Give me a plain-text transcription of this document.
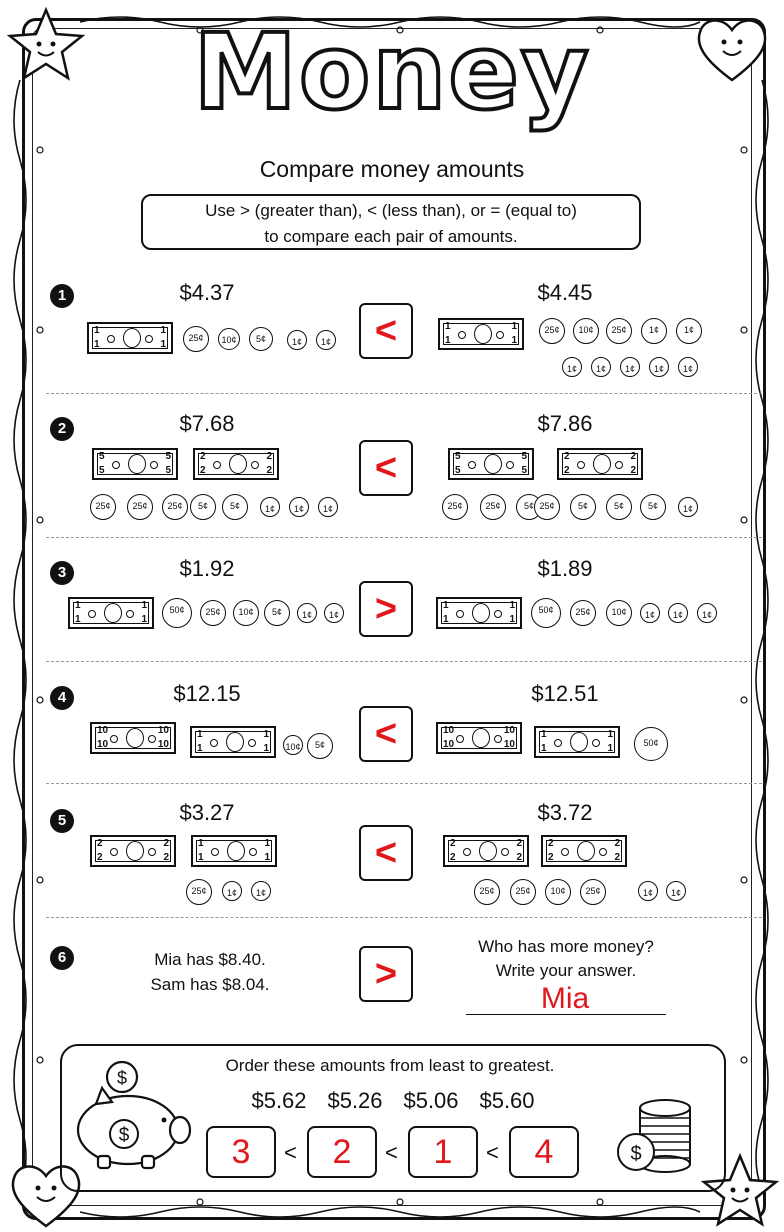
Money
Compare money amounts
Use > (greater than), < (less than), or = (equal to)
to compare each pair of amounts.
1	$4.37	$4.45
<
1	1
1	1
25¢	10¢	5¢	1¢	1¢
1	1
1	1
25¢	10¢	25¢	1¢	1¢
1¢	1¢	1¢	1¢	1¢
2	$7.68	$7.86
<
5	5
5	5
2	2
2	2
25¢	25¢	25¢	5¢	5¢	1¢	1¢	1¢
5	5
5	5
2	2
2	2
25¢	25¢	5¢ 25¢	5¢	5¢	5¢	1¢
3	$1.92	$1.89
>
1	1
1	1
50¢	25¢	10¢	5¢	1¢	1¢
1	1
1	1
50¢	25¢	10¢	1¢	1¢	1¢
4	$12.15	$12.51
<
10	10
10	10
1	1
1	1 10¢	5¢
10	10
10	10
1	1
1	1	50¢
5	$3.27	$3.72
<
2	2
2	2
1	1
1	1
25¢	1¢	1¢
2	2
2	2
2	2
2	2
25¢	25¢	10¢	25¢	1¢	1¢
6	Mia has $8.40.
Sam has $8.04.	>
Who has more money?
Write your answer.
Mia
Order these amounts from least to greatest.
$5.62 $5.26 $5.06 $5.60
3	<	2	<	1	<	4
$
$
$
